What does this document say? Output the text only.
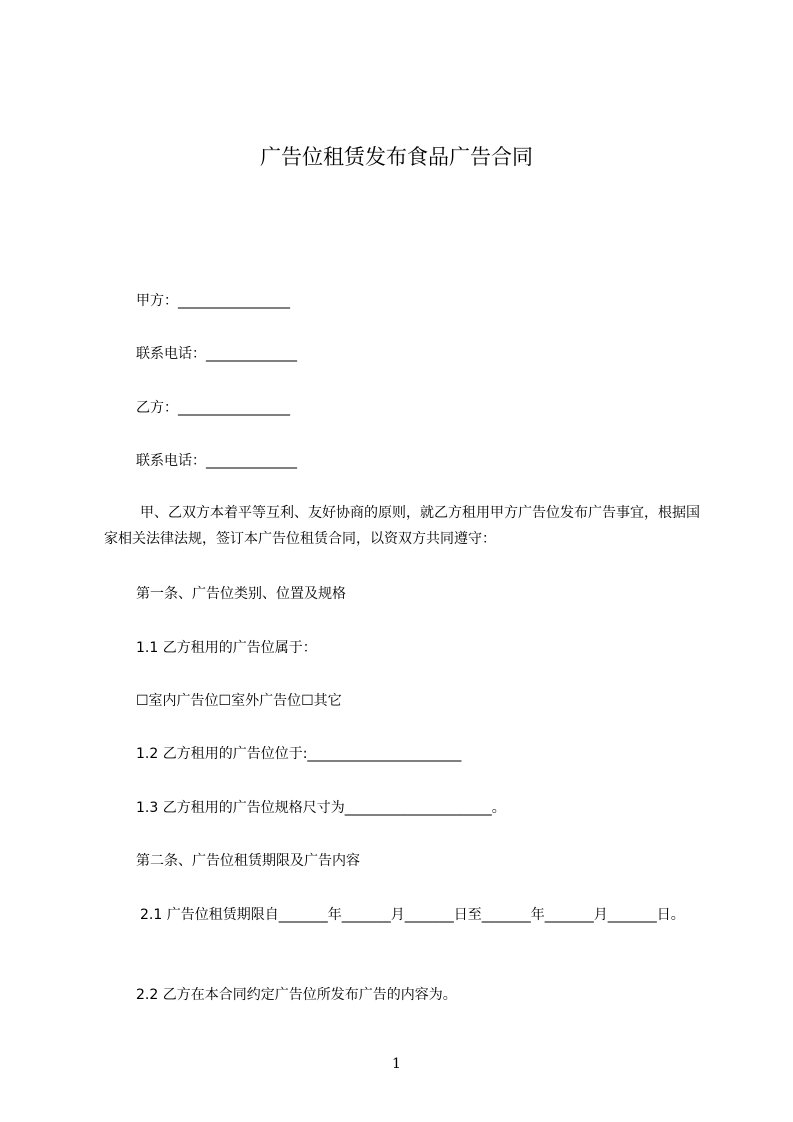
广告位租赁发布食品广告合同
甲方：________________
联系电话：_____________
乙方：________________
联系电话：_____________
甲、乙双方本着平等互利、友好协商的原则，就乙方租用甲方广告位发布广告事宜，根据国家相关法律法规，签订本广告位租赁合同，以资双方共同遵守：
第一条、广告位类别、位置及规格
1.1 乙方租用的广告位属于：
☐室内广告位☐室外广告位☐其它
1.2 乙方租用的广告位位于:______________________
1.3 乙方租用的广告位规格尺寸为_____________________。
第二条、广告位租赁期限及广告内容
2.1 广告位租赁期限自_______年_______月_______日至_______年_______月_______日。
2.2 乙方在本合同约定广告位所发布广告的内容为。
1
